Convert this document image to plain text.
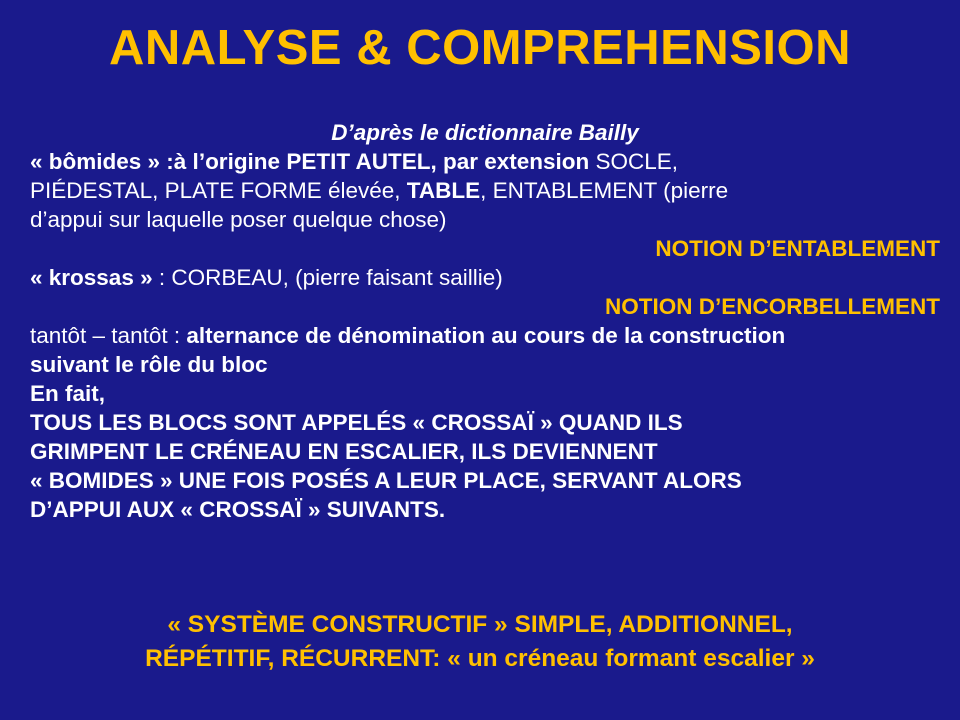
ANALYSE & COMPREHENSION
D’après le dictionnaire Bailly
« bômides » :à l’origine PETIT AUTEL, par extension SOCLE,
PIÉDESTAL, PLATE FORME élevée, TABLE, ENTABLEMENT (pierre
d’appui sur laquelle poser quelque chose)
NOTION D’ENTABLEMENT
« krossas » : CORBEAU, (pierre faisant saillie)
NOTION D’ENCORBELLEMENT
tantôt – tantôt : alternance de dénomination au cours de la construction
suivant le rôle du bloc
En fait,
TOUS LES BLOCS SONT APPELÉS « CROSSAÏ » QUAND ILS
GRIMPENT LE CRÉNEAU EN ESCALIER, ILS DEVIENNENT
« BOMIDES » UNE FOIS POSÉS A LEUR PLACE, SERVANT ALORS
D’APPUI AUX « CROSSAÏ » SUIVANTS.
« SYSTÈME CONSTRUCTIF » SIMPLE, ADDITIONNEL,
RÉPÉTITIF, RÉCURRENT: « un créneau formant escalier »
